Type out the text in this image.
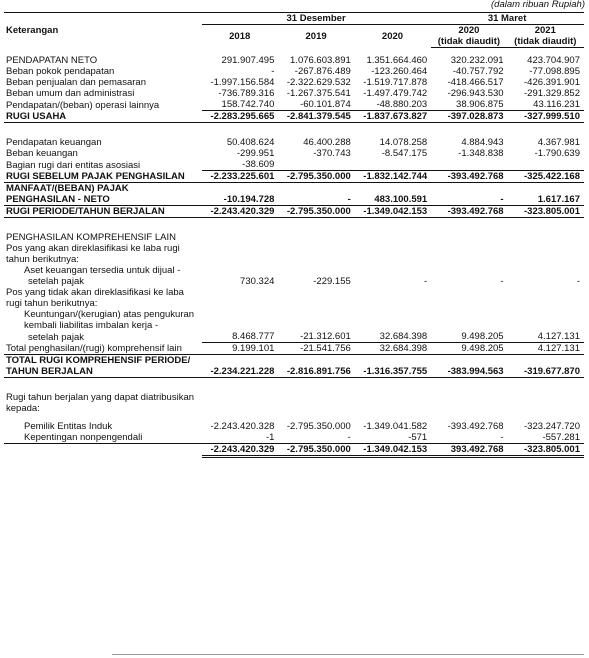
(dalam ribuan Rupiah)
Keterangan	31 Desember			31 Maret	
	2018	2019	2020	2020	2021
				(tidak diaudit)	(tidak diaudit)

PENDAPATAN NETO	291.907.495	1.076.603.891	1.351.664.460	320.232.091	423.704.907
Beban pokok pendapatan	-	-267.876.489	-123.260.464	-40.757.792	-77.098.895
Beban penjualan dan pemasaran	-1.997.156.584	-2.322.629.532	-1.519.717.878	-418.466.517	-426.391.901
Beban umum dan administrasi	-736.789.316	-1.267.375.541	-1.497.479.742	-296.943.530	-291.329.852
Pendapatan/(beban) operasi lainnya	158.742.740	-60.101.874	-48.880.203	38.906.875	43.116.231
RUGI USAHA	-2.283.295.665	-2.841.379.545	-1.837.673.827	-397.028.873	-327.999.510

Pendapatan keuangan	50.408.624	46.400.288	14.078.258	4.884.943	4.367.981
Beban keuangan	-299.951	-370.743	-8.547.175	-1.348.838	-1.790.639
Bagian rugi dari entitas asosiasi	-38.609				
RUGI SEBELUM PAJAK PENGHASILAN	-2.233.225.601	-2.795.350.000	-1.832.142.744	-393.492.768	-325.422.168
MANFAAT/(BEBAN) PAJAK					
PENGHASILAN - NETO	-10.194.728	-	483.100.591	-	1.617.167
RUGI PERIODE/TAHUN BERJALAN	-2.243.420.329	-2.795.350.000	-1.349.042.153	-393.492.768	-323.805.001

PENGHASILAN KOMPREHENSIF LAIN					
Pos yang akan direklasifikasi ke laba rugi					
tahun berikutnya:					
Aset keuangan tersedia untuk dijual -					
setelah pajak	730.324	-229.155	-	-	-
Pos yang tidak akan direklasifikasi ke laba					
rugi tahun berikutnya:					
Keuntungan/(kerugian) atas pengukuran					
kembali liabilitas imbalan kerja -					
setelah pajak	8.468.777	-21.312.601	32.684.398	9.498.205	4.127.131
Total penghasilan/(rugi) komprehensif lain	9.199.101	-21.541.756	32.684.398	9.498.205	4.127.131
TOTAL RUGI KOMPREHENSIF PERIODE/					
TAHUN BERJALAN	-2.234.221.228	-2.816.891.756	-1.316.357.755	-383.994.563	-319.677.870

Rugi tahun berjalan yang dapat diatribusikan					
kepada:					

Pemilik Entitas Induk	-2.243.420.328	-2.795.350.000	-1.349.041.582	-393.492.768	-323.247.720
Kepentingan nonpengendali	-1	-	-571	-	-557.281
	-2.243.420.329	-2.795.350.000	-1.349.042.153	393.492.768	-323.805.001
